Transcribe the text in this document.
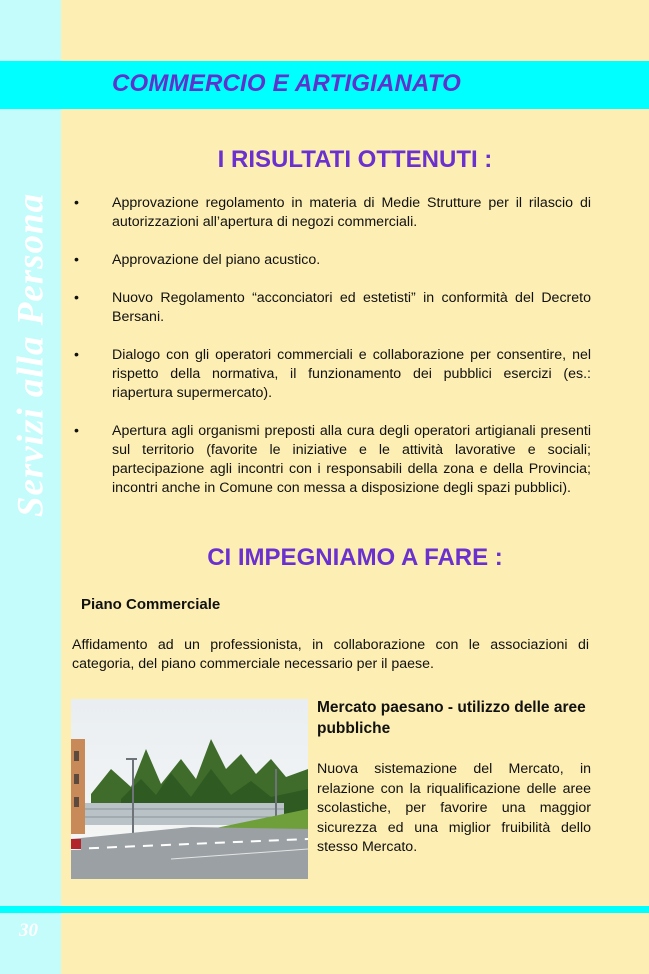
Servizi alla Persona
COMMERCIO E ARTIGIANATO
I RISULTATI OTTENUTI :
• Approvazione regolamento in materia di Medie Strutture per il rilascio di autorizzazioni all’apertura di negozi commerciali.
• Approvazione del piano acustico.
• Nuovo Regolamento “acconciatori ed estetisti” in conformità del Decreto Bersani.
• Dialogo con gli operatori commerciali e collaborazione per consentire, nel rispetto della normativa, il funzionamento dei pubblici esercizi (es.: riapertura supermercato).
• Apertura agli organismi preposti alla cura degli operatori artigianali presenti sul territorio (favorite le iniziative e le attività lavorative e sociali; partecipazione agli incontri con i responsabili della zona e della Provincia; incontri anche in Comune con messa a disposizione degli spazi pubblici).
CI IMPEGNIAMO A FARE :
Piano Commerciale
Affidamento ad un professionista, in collaborazione con le associazioni di categoria, del piano commerciale necessario per il paese.
Mercato paesano - utilizzo delle aree pubbliche
Nuova sistemazione del Mercato, in relazione con la riqualificazione delle aree scolastiche, per favorire una maggior sicurezza ed una miglior fruibilità dello stesso Mercato.
30
